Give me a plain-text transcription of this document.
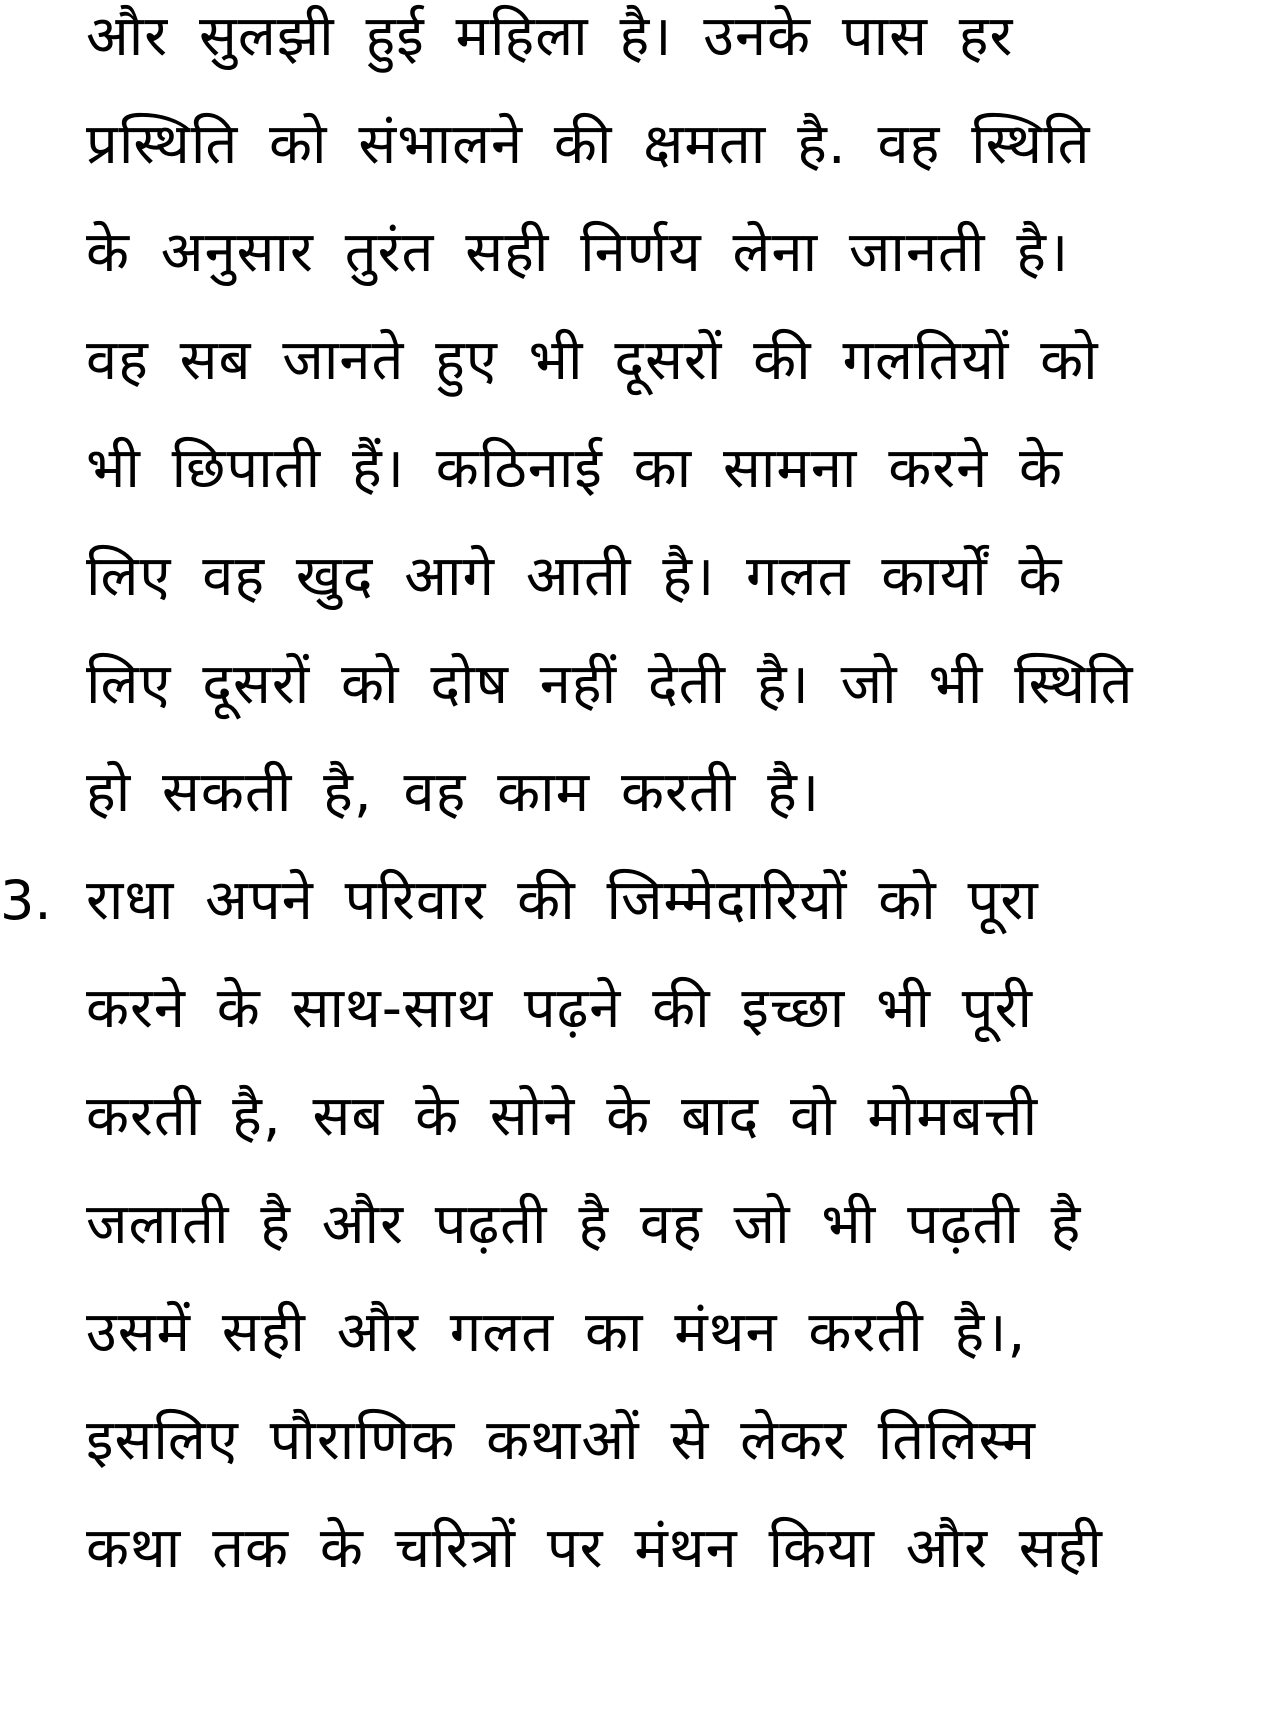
और सुलझी हुई महिला है। उनके पास हर
प्रस्थिति को संभालने की क्षमता है. वह स्थिति
के अनुसार तुरंत सही निर्णय लेना जानती है।
वह सब जानते हुए भी दूसरों की गलतियों को
भी छिपाती हैं। कठिनाई का सामना करने के
लिए वह खुद आगे आती है। गलत कार्यों के
लिए दूसरों को दोष नहीं देती है। जो भी स्थिति
हो सकती है, वह काम करती है।
3. राधा अपने परिवार की जिम्मेदारियों को पूरा
करने के साथ-साथ पढ़ने की इच्छा भी पूरी
करती है, सब के सोने के बाद वो मोमबत्ती
जलाती है और पढ़ती है वह जो भी पढ़ती है
उसमें सही और गलत का मंथन करती है।,
इसलिए पौराणिक कथाओं से लेकर तिलिस्म
कथा तक के चरित्रों पर मंथन किया और सही
